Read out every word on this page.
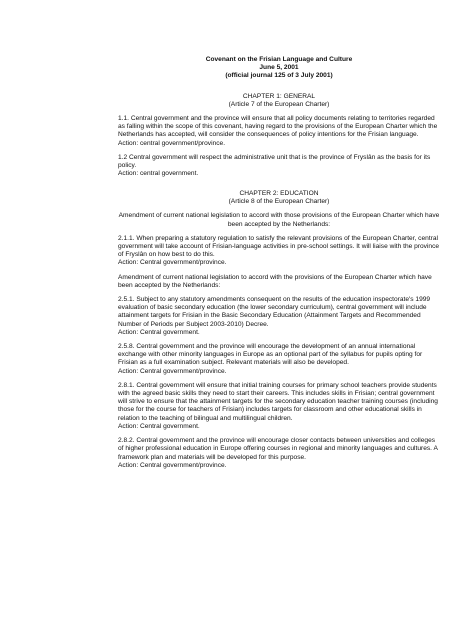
Covenant on the Frisian Language and Culture
June 5, 2001
(official journal 125 of 3 July 2001)
CHAPTER 1: GENERAL
(Article 7 of the European Charter)

1.1. Central government and the province will ensure that all policy documents relating to territories regarded as falling within the scope of this covenant, having regard to the provisions of the European Charter which the Netherlands has accepted, will consider the consequences of policy intentions for the Frisian language.
Action: central government/province.

1.2 Central government will respect the administrative unit that is the province of Fryslân as the basis for its policy.
Action: central government.

CHAPTER 2: EDUCATION
(Article 8 of the European Charter)

Amendment of current national legislation to accord with those provisions of the European Charter which have been accepted by the Netherlands:

2.1.1. When preparing a statutory regulation to satisfy the relevant provisions of the European Charter, central government will take account of Frisian-language activities in pre-school settings. It will liaise with the province of Fryslân on how best to do this.
Action: Central government/province.

Amendment of current national legislation to accord with the provisions of the European Charter which have been accepted by the Netherlands:

2.5.1. Subject to any statutory amendments consequent on the results of the education inspectorate's 1999 evaluation of basic secondary education (the lower secondary curriculum), central government will include attainment targets for Frisian in the Basic Secondary Education (Attainment Targets and Recommended Number of Periods per Subject 2003-2010) Decree.
Action: Central government.

2.5.8. Central government and the province will encourage the development of an annual international exchange with other minority languages in Europe as an optional part of the syllabus for pupils opting for Frisian as a full examination subject. Relevant materials will also be developed.
Action: Central government/province.

2.8.1. Central government will ensure that initial training courses for primary school teachers provide students with the agreed basic skills they need to start their careers. This includes skills in Frisian; central government will strive to ensure that the attainment targets for the secondary education teacher training courses (including those for the course for teachers of Frisian) includes targets for classroom and other educational skills in relation to the teaching of bilingual and multilingual children.
Action: Central government.

2.8.2. Central government and the province will encourage closer contacts between universities and colleges of higher professional education in Europe offering courses in regional and minority languages and cultures. A framework plan and materials will be developed for this purpose.
Action: Central government/province.
